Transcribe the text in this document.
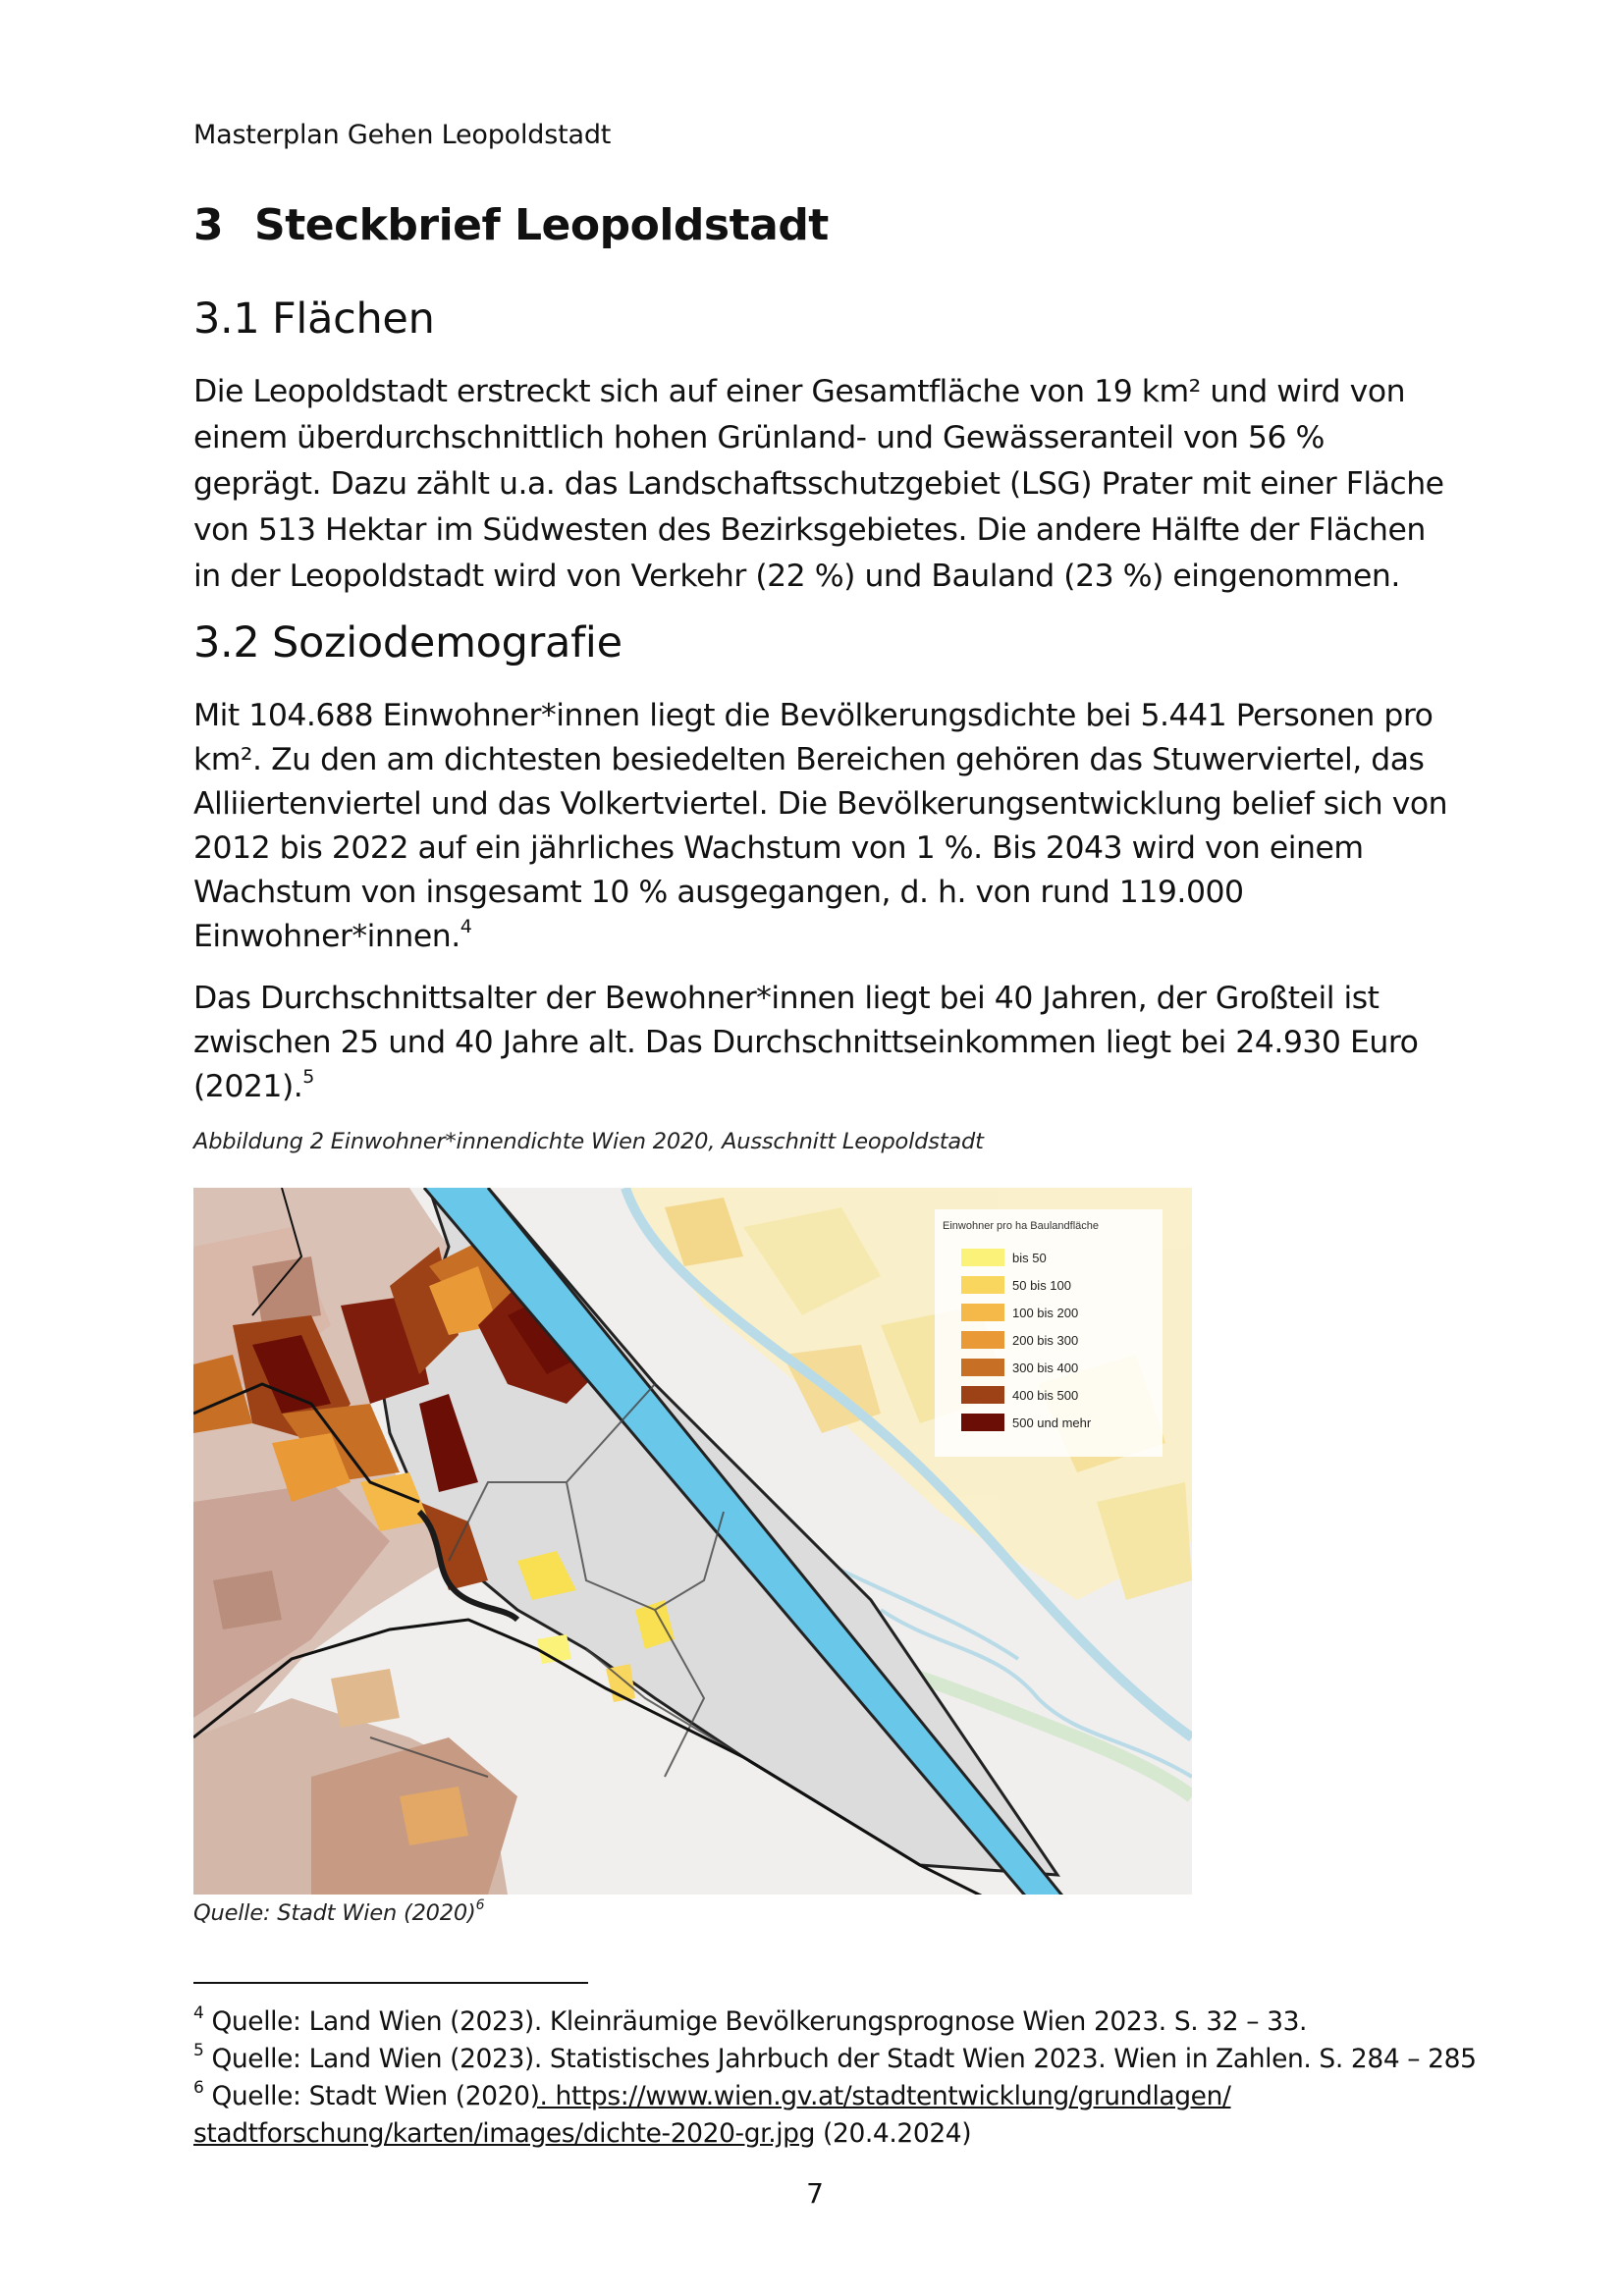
Masterplan Gehen Leopoldstadt
3 Steckbrief Leopoldstadt
3.1 Flächen

Die Leopoldstadt erstreckt sich auf einer Gesamtfläche von 19 km² und wird von einem überdurchschnittlich hohen Grünland- und Gewässeranteil von 56 % geprägt. Dazu zählt u.a. das Landschaftsschutzgebiet (LSG) Prater mit einer Fläche von 513 Hektar im Südwesten des Bezirksgebietes. Die andere Hälfte der Flächen in der Leopoldstadt wird von Verkehr (22 %) und Bauland (23 %) eingenommen.

3.2 Soziodemografie

Mit 104.688 Einwohner*innen liegt die Bevölkerungsdichte bei 5.441 Personen pro km². Zu den am dichtesten besiedelten Bereichen gehören das Stuwerviertel, das Alliiertenviertel und das Volkertviertel. Die Bevölkerungsentwicklung belief sich von 2012 bis 2022 auf ein jährliches Wachstum von 1 %. Bis 2043 wird von einem Wachstum von insgesamt 10 % ausgegangen, d. h. von rund 119.000 Einwohner*innen.$^4$

Das Durchschnittsalter der Bewohner*innen liegt bei 40 Jahren, der Großteil ist zwischen 25 und 40 Jahre alt. Das Durchschnittseinkommen liegt bei 24.930 Euro (2021).$^5$

Abbildung 2 Einwohner*innendichte Wien 2020, Ausschnitt Leopoldstadt
Einwohner pro ha Baulandfläche
bis 50
50 bis 100
100 bis 200
200 bis 300
300 bis 400
400 bis 500
500 und mehr
Quelle: Stadt Wien $(2020)^6$
$^4$ Quelle: Land Wien (2023). Kleinräumige Bevölkerungsprognose Wien 2023. S. 32 – 33.
$^5$ Quelle: Land Wien (2023). Statistisches Jahrbuch der Stadt Wien 2023. Wien in Zahlen. S. 284 – 285
$^6$ Quelle: Stadt Wien (2020). https://www.wien.gv.at/stadtentwicklung/grundlagen/
stadtforschung/karten/images/dichte-2020-gr.jpg (20.4.2024)
7
